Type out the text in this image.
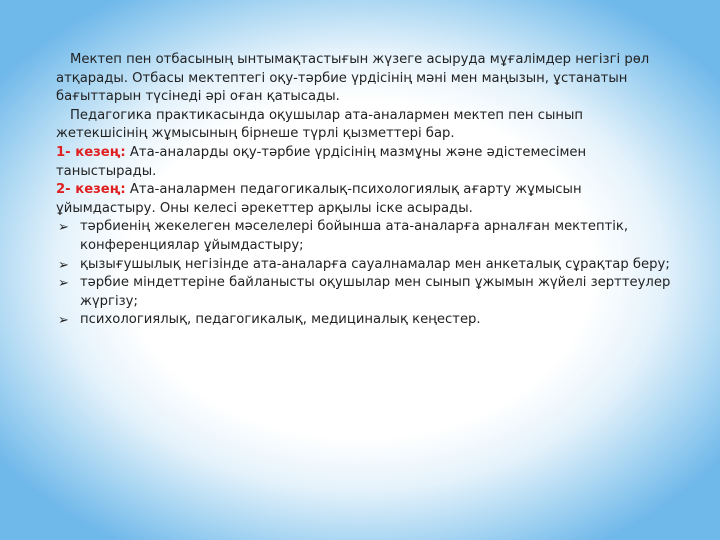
Мектеп пен отбасының ынтымақтастығын жүзеге асыруда мұғалімдер негізгі рөл атқарады. Отбасы мектептегі оқу-тәрбие үрдісінің мәні мен маңызын, ұстанатын бағыттарын түсінеді әрі оған қатысады.

Педагогика практикасында оқушылар ата-аналармен мектеп пен сынып жетекшісінің жұмысының бірнеше түрлі қызметтері бар.

1- кезең: Ата-аналарды оқу-тәрбие үрдісінің мазмұны және әдістемесімен таныстырады.

2- кезең: Ата-аналармен педагогикалық-психологиялық ағарту жұмысын ұйымдастыру. Оны келесі әрекеттер арқылы іске асырады.

➢ тәрбиенің жекелеген мәселелері бойынша ата-аналарға арналған мектептік, конференциялар ұйымдастыру;
➢ қызығушылық негізінде ата-аналарға сауалнамалар мен анкеталық сұрақтар беру;
➢ тәрбие міндеттеріне байланысты оқушылар мен сынып ұжымын жүйелі зерттеулер жүргізу;
➢ психологиялық, педагогикалық, медициналық кеңестер.
